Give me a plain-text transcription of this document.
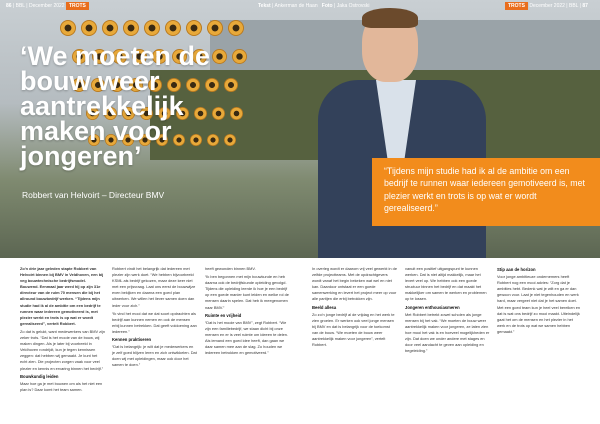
86 | BBL | December 2022 TROTS	Tekst | Ankerman de Haan Foto | Jaka Ostrovski	TROTS December 2022 | BBL | 87
‘We moeten de bouw weer aantrekkelijk maken voor jongeren’
Robbert van Helvoirt – Directeur BMV
“Tijdens mijn studie had ik al de ambitie om een bedrijf te runnen waar iedereen gemotiveerd is, met plezier werkt en trots is op wat er wordt gerealiseerd.”

Zo'n drie jaar geleden stapte Robbert van Helvoirt binnen bij BMV in Veldhoven, een bij veg bouwtechnische bedrijfsmodel. Bouwend. Eenmaal jaar werd hij op zijn 31e directeur van de ruim 70 mensen die bij het allround bouwbedrijf werken. “Tijdens mijn studie had ik al de ambitie om een bedrijf te runnen waar iedereen gemotiveerd is, met plezier werkt en trots is op wat er wordt gerealiseerd”, vertelt Robbert.

Zo dat is gelukt, want medewerkers van BMV zijn zeker trots. “Dat is het mooie van de bouw, wij maken dingen. Als je later bij voorbeeld in Veldhoven rondrijdt, kun je tegen kennissen zeggen: dat hebben wij gemaakt. Je kunt het echt zien. Die projecten zorgen vaak voor veel plezier en kennis en ervaring binnen het bedrijf.”

Bouwkundig leiden

Maar hoe ga je met bouwen om als het niet een plan is? Daar komt het team samen.

Robbert vindt het belangrijk dat iedereen met plezier zijn werk doet. “We hebben bijvoorbeeld KSML als bedrijf gekozen, maar deze keer niet met een prijsvraag. Laat ons eerst de bouwwijze even bekijken en daarna een goed plan uitwerken. We willen het liever samen doen dan ieder voor zich.”

“Ik vind het mooi dat we dat soort opdrachten als bedrijf aan kunnen nemen en ook de mensen erbij kunnen betrekken. Dat geeft voldoening aan iedereen.”

Kennen praktiseren

“Dat is belangrijk: je wilt dat je medewerkers en je zelf goed blijven leren en zich ontwikkelen. Dat doen wij met opleidingen, maar ook door het samen te doen.”

heeft gewonden binnen BMV.

“Ik ben begonnen met mijn bouwkunde en heb daarna ook de bedrijfskunde opleiding gevolgd. Tijdens die opleiding leerde ik hoe je een bedrijf op een goede manier kunt leiden en welke rol de mensen daarin spelen. Dat heb ik meegenomen naar BMV.”

Ruimte en vrijheid

“Dat is het mooie van BMV”, zegt Robbert. “We zijn een familiebedrijf, we staan dicht bij onze mensen en er is veel ruimte om ideeen te delen. Als iemand een goed idee heeft, dan gaan we daar samen mee aan de slag. Zo houden we iedereen betrokken en gemotiveerd.”

In overleg wordt er daarom vrij veel gewerkt in de zelfde projectteams. Met de opdrachtgevers wordt vanaf het begin bekeken wat wel en niet kan. Daardoor ontstaat er een goede samenwerking en levert het project meer op voor alle partijen die erbij betrokken zijn.

Beeld allesa

Zo zo'n jonge bedrijf al de vrijdag en het werk te zien groeien. Er werken ook veel jonge mensen bij BMV en dat is belangrijk voor de toekomst van de bouw. “We moeten de bouw weer aantrekkelijk maken voor jongeren”, vertelt Robbert.

vanuit een positief uitgangspunt te kunnen werken. Dat is niet altijd makkelijk, maar het levert veel op. We hebben ook een goede structuur binnen het bedrijf en dat maakt het makkelijker om samen te werken en problemen op te lossen.

Jongeren enthousiasmeren

Met Robbert betrekt zowel scholen als jonge mensen bij het vak. “We moeten de bouw weer aantrekkelijk maken voor jongeren, ze laten zien hoe mooi het vak is en hoeveel mogelijkheden er zijn. Dat doen we onder andere met stages en door veel aandacht te geven aan opleiding en begeleiding.”

Stip aan de horizon

Voor jonge ambitieuze ondernemers heeft Robbert nog een mooi advies: “Zorg dat je ambities hebt. Bedenk wat je wilt en ga er dan gewoon voor. Laat je niet tegenhouden en werk hard, maar vergeet niet dat je het samen doet. Met een goed team kun je heel veel bereiken en dat is wat ons bedrijf zo mooi maakt. Uiteindelijk gaat het om de mensen en het plezier in het werk en de trots op wat we samen hebben gemaakt.”
